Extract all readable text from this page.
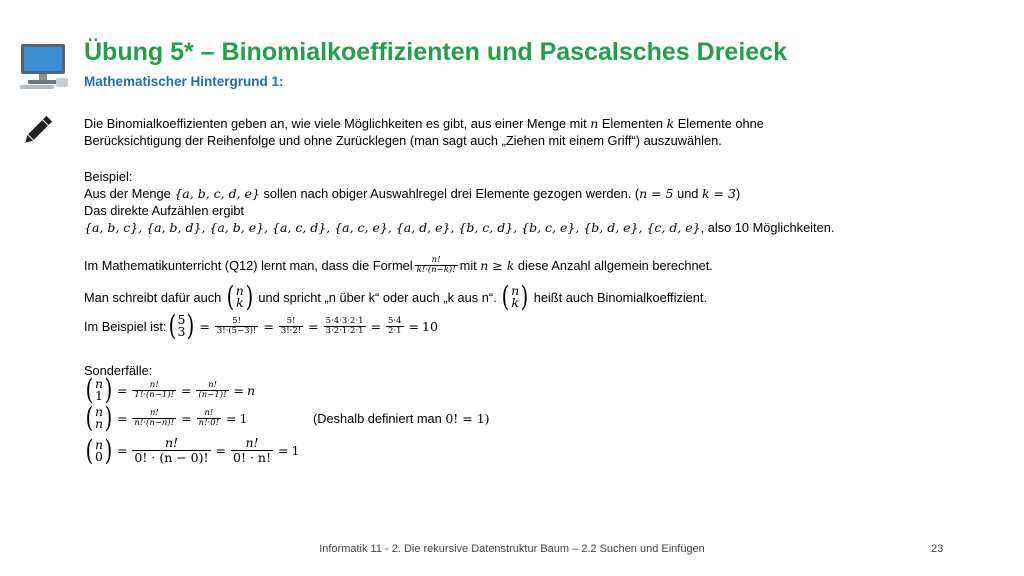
Übung 5* – Binomialkoeffizienten und Pascalsches Dreieck
Mathematischer Hintergrund 1:
Die Binomialkoeffizienten geben an, wie viele Möglichkeiten es gibt, aus einer Menge mit n Elementen k Elemente ohne
Berücksichtigung der Reihenfolge und ohne Zurücklegen (man sagt auch „Ziehen mit einem Griff“) auszuwählen.
Beispiel:
Aus der Menge {a, b, c, d, e} sollen nach obiger Auswahlregel drei Elemente gezogen werden. (n = 5 und k = 3)
Das direkte Aufzählen ergibt
{a, b, c}, {a, b, d}, {a, b, e}, {a, c, d}, {a, c, e}, {a, d, e}, {b, c, d}, {b, c, e}, {b, d, e}, {c, d, e}, also 10 Möglichkeiten.
Im Mathematikunterricht (Q12) lernt man, dass die Formel $\frac{n!}{k!\cdot(n-k)!}$ mit
n ≥ k
diese Anzahl allgemein berechnet.
Man schreibt dafür auch
( n
k )
und spricht „n über k“ oder auch „k aus n“.
( n
k )
heißt auch Binomialkoeffizient.
Im Beispiel ist: ( 5
3 ) = $\frac{5!}{3!\cdot(5-3)!} = \frac{5!}{3!\cdot 2!} = \frac{5\cdot 4\cdot 3\cdot 2\cdot 1}{3\cdot 2\cdot 1\cdot 2\cdot 1} = \frac{5\cdot 4}{2\cdot 1} = 10$
Sonderfälle:
( n
1 ) = $\frac{n!}{1!\cdot(n-1)!} = \frac{n!}{(n-1)!} = n$
( n
n ) = $\frac{n!}{n!\cdot(n-n)!} = \frac{n!}{n!\cdot 0!} = 1$	(Deshalb definiert man 0! = 1)
( n
0 ) = $\frac{n!}{0! \cdot (n - 0)!} = \frac{n!}{0! \cdot n!} = 1$
Informatik 11 - 2. Die rekursive Datenstruktur Baum – 2.2 Suchen und Einfügen	23
